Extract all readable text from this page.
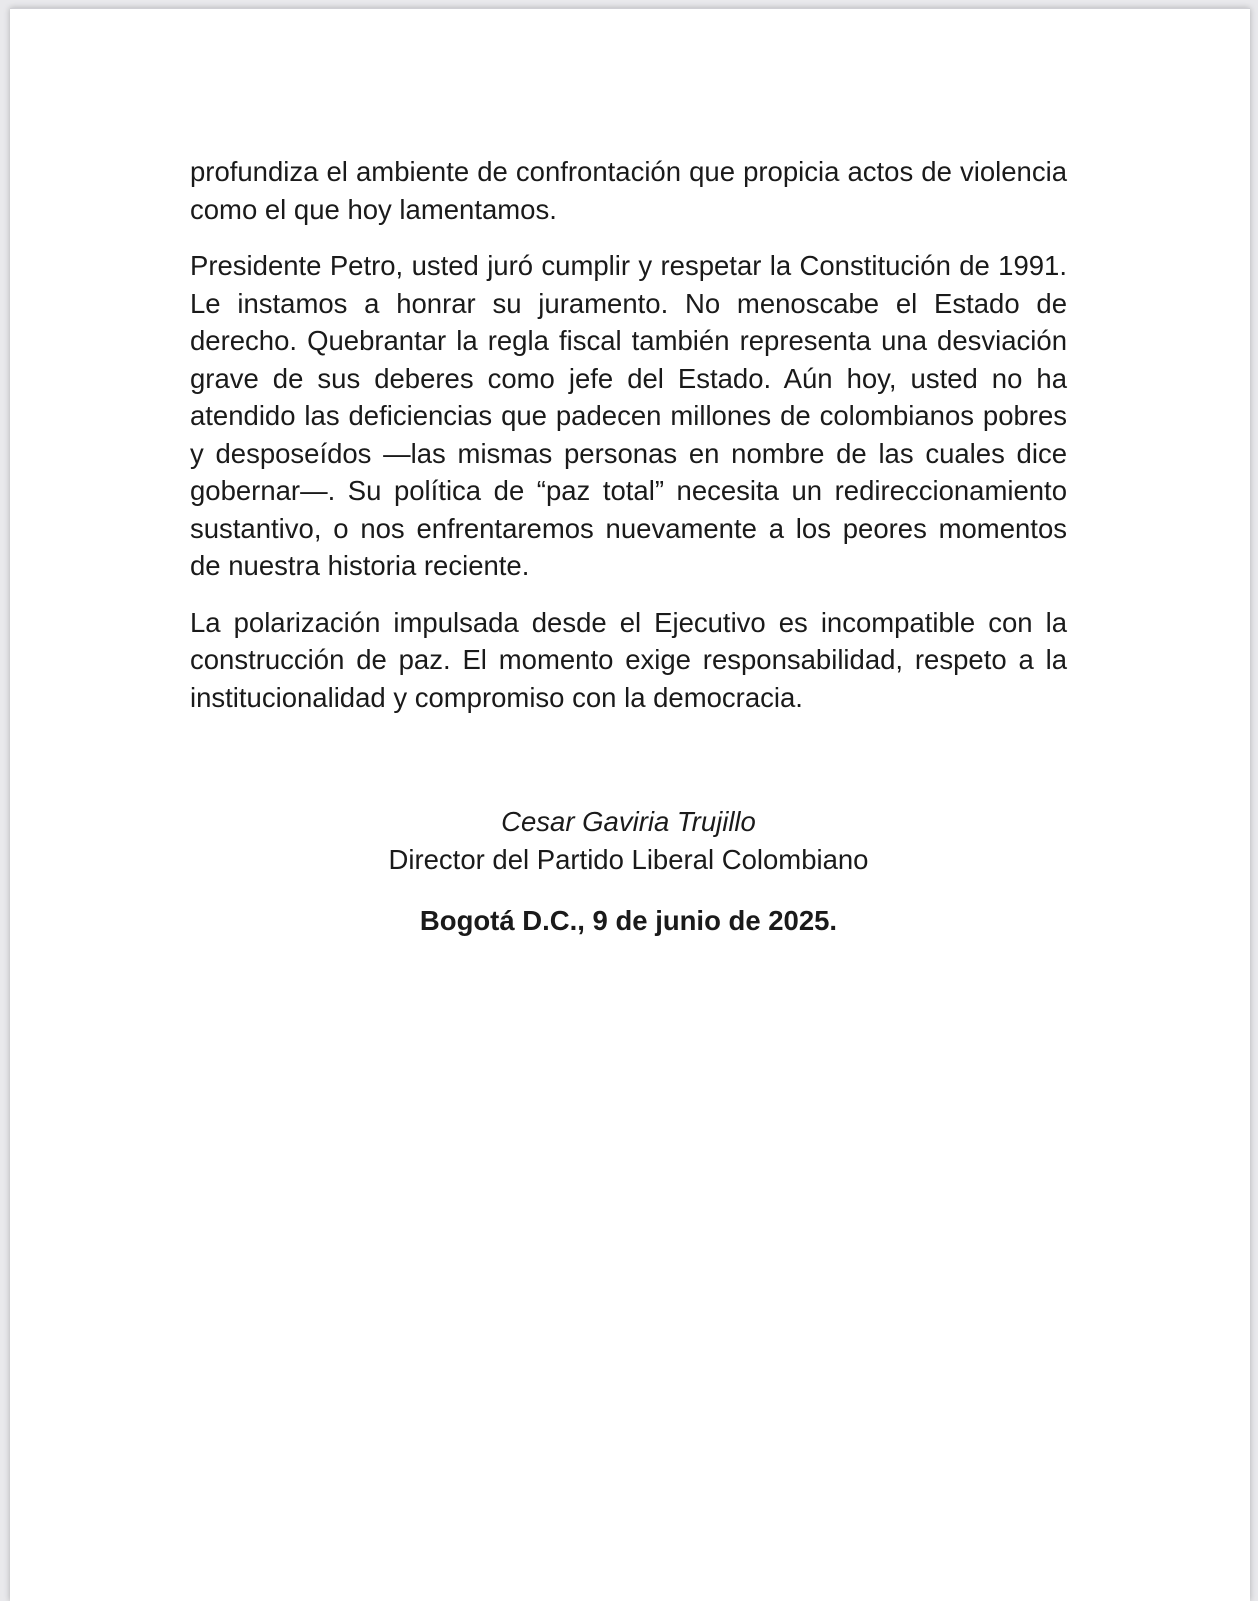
profundiza el ambiente de confrontación que propicia actos de violencia como el que hoy lamentamos.

Presidente Petro, usted juró cumplir y respetar la Constitución de 1991. Le instamos a honrar su juramento. No menoscabe el Estado de derecho. Quebrantar la regla fiscal también representa una desviación grave de sus deberes como jefe del Estado. Aún hoy, usted no ha atendido las deficiencias que padecen millones de colombianos pobres y desposeídos —las mismas personas en nombre de las cuales dice gobernar—. Su política de “paz total” necesita un redireccionamiento sustantivo, o nos enfrentaremos nuevamente a los peores momentos de nuestra historia reciente.

La polarización impulsada desde el Ejecutivo es incompatible con la construcción de paz. El momento exige responsabilidad, respeto a la institucionalidad y compromiso con la democracia.

Cesar Gaviria Trujillo

Director del Partido Liberal Colombiano

Bogotá D.C., 9 de junio de 2025.
